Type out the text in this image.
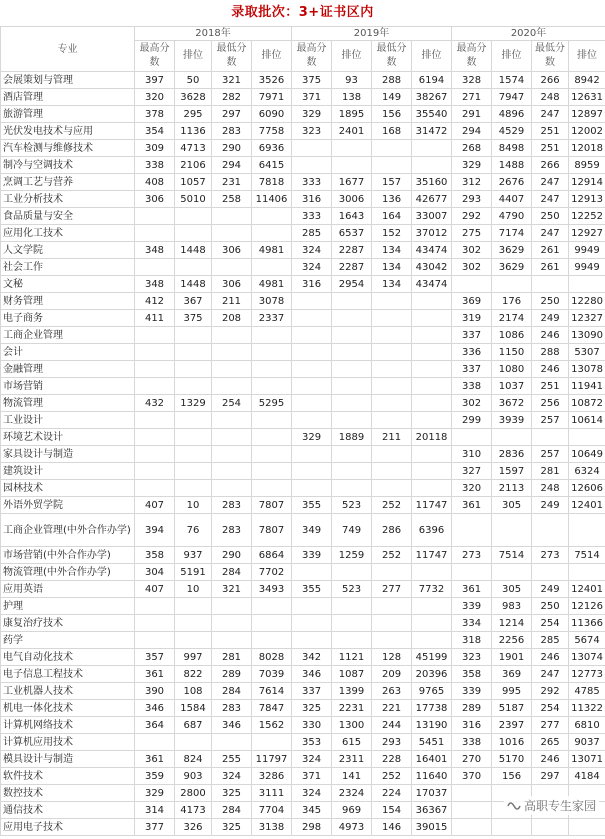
录取批次：3+证书区内
专业	2018年				2019年				2020年			
	最高分数	排位	最低分数	排位	最高分数	排位	最低分数	排位	最高分数	排位	最低分数	排位
会展策划与管理	397	50	321	3526	375	93	288	6194	328	1574	266	8942
酒店管理	320	3628	282	7971	371	138	149	38267	271	7947	248	12631
旅游管理	378	295	297	6090	329	1895	156	35540	291	4896	247	12897
光伏发电技术与应用	354	1136	283	7758	323	2401	168	31472	294	4529	251	12002
汽车检测与维修技术	309	4713	290	6936					268	8498	251	12018
制冷与空调技术	338	2106	294	6415					329	1488	266	8959
烹调工艺与营养	408	1057	231	7818	333	1677	157	35160	312	2676	247	12914
工业分析技术	306	5010	258	11406	316	3006	136	42677	293	4407	247	12913
食品质量与安全					333	1643	164	33007	292	4790	250	12252
应用化工技术					285	6537	152	37012	275	7174	247	12927
人文学院	348	1448	306	4981	324	2287	134	43474	302	3629	261	9949
社会工作					324	2287	134	43042	302	3629	261	9949
文秘	348	1448	306	4981	316	2954	134	43474				
财务管理	412	367	211	3078					369	176	250	12280
电子商务	411	375	208	2337					319	2174	249	12327
工商企业管理									337	1086	246	13090
会计									336	1150	288	5307
金融管理									337	1080	246	13078
市场营销									338	1037	251	11941
物流管理	432	1329	254	5295					302	3672	256	10872
工业设计									299	3939	257	10614
环境艺术设计					329	1889	211	20118				
家具设计与制造									310	2836	257	10649
建筑设计									327	1597	281	6324
园林技术									320	2113	248	12606
外语外贸学院	407	10	283	7807	355	523	252	11747	361	305	249	12401
工商企业管理(中外合作办学)	394	76	283	7807	349	749	286	6396				
市场营销(中外合作办学)	358	937	290	6864	339	1259	252	11747	273	7514	273	7514
物流管理(中外合作办学)	304	5191	284	7702								
应用英语	407	10	321	3493	355	523	277	7732	361	305	249	12401
护理									339	983	250	12126
康复治疗技术									334	1214	254	11366
药学									318	2256	285	5674
电气自动化技术	357	997	281	8028	342	1121	128	45199	323	1901	246	13074
电子信息工程技术	361	822	289	7039	346	1087	209	20396	358	369	247	12773
工业机器人技术	390	108	284	7614	337	1399	263	9765	339	995	292	4785
机电一体化技术	346	1584	283	7847	325	2231	221	17738	289	5187	254	11322
计算机网络技术	364	687	346	1562	330	1300	244	13190	316	2397	277	6810
计算机应用技术					353	615	293	5451	338	1016	265	9037
模具设计与制造	361	824	255	11797	324	2311	228	16401	270	5170	246	13071
软件技术	359	903	324	3286	371	141	252	11640	370	156	297	4184
数控技术	329	2800	325	3111	324	2324	224	17037				
通信技术	314	4173	284	7704	345	969	154	36367				
应用电子技术	377	326	325	3138	298	4973	146	39015				
高职专生家园
